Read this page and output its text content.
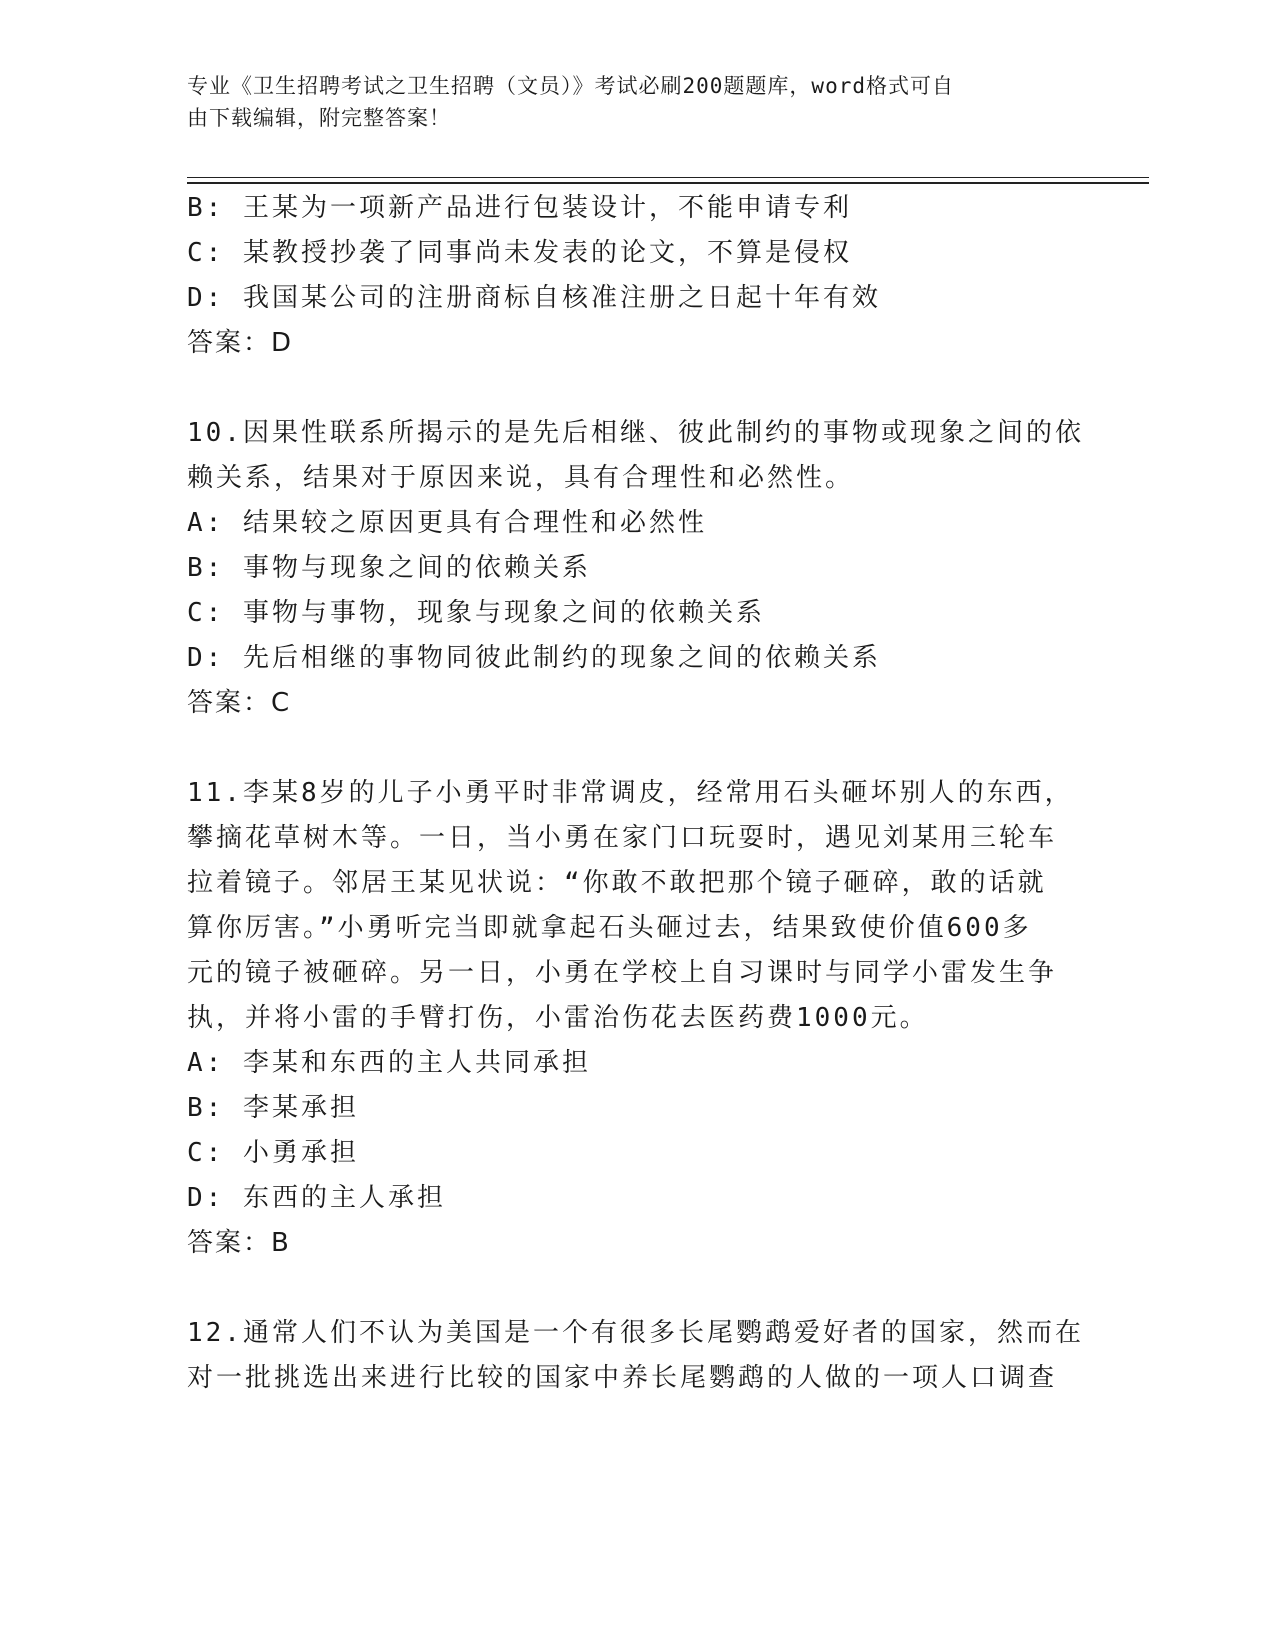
专业《卫生招聘考试之卫生招聘（文员）》考试必刷200题题库，word格式可自
由下载编辑，附完整答案！
B: 王某为一项新产品进行包装设计，不能申请专利
C: 某教授抄袭了同事尚未发表的论文，不算是侵权
D: 我国某公司的注册商标自核准注册之日起十年有效
答案：D
10.因果性联系所揭示的是先后相继、彼此制约的事物或现象之间的依
赖关系，结果对于原因来说，具有合理性和必然性。
A: 结果较之原因更具有合理性和必然性
B: 事物与现象之间的依赖关系
C: 事物与事物，现象与现象之间的依赖关系
D: 先后相继的事物同彼此制约的现象之间的依赖关系
答案：C
11.李某8岁的儿子小勇平时非常调皮，经常用石头砸坏别人的东西，
攀摘花草树木等。一日，当小勇在家门口玩耍时，遇见刘某用三轮车
拉着镜子。邻居王某见状说：“你敢不敢把那个镜子砸碎，敢的话就
算你厉害。”小勇听完当即就拿起石头砸过去，结果致使价值600多
元的镜子被砸碎。另一日，小勇在学校上自习课时与同学小雷发生争
执，并将小雷的手臂打伤，小雷治伤花去医药费1000元。
A: 李某和东西的主人共同承担
B: 李某承担
C: 小勇承担
D: 东西的主人承担
答案：B
12.通常人们不认为美国是一个有很多长尾鹦鹉爱好者的国家，然而在
对一批挑选出来进行比较的国家中养长尾鹦鹉的人做的一项人口调查
